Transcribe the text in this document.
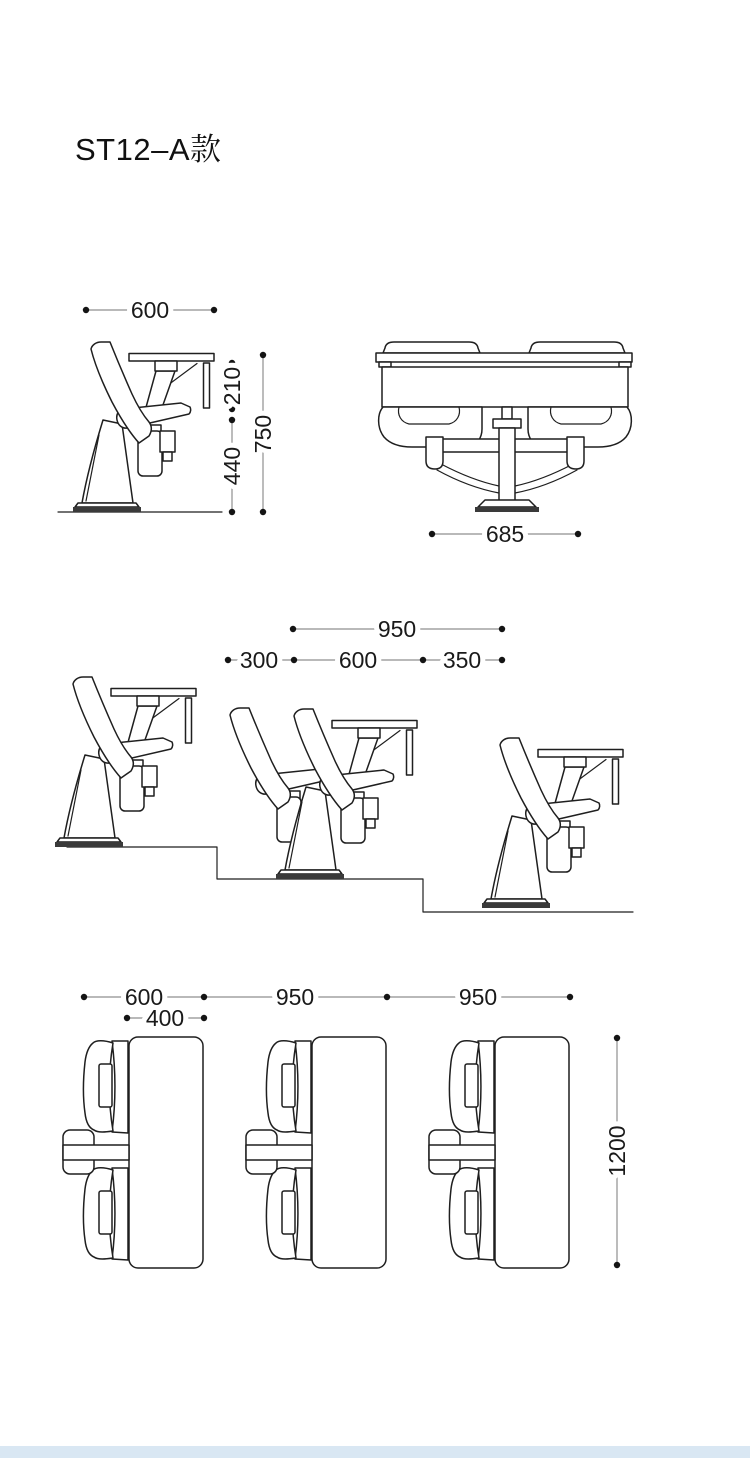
ST12–A款
600
210
440
750
685
950
300	600	350
600	950	950
400
1200
